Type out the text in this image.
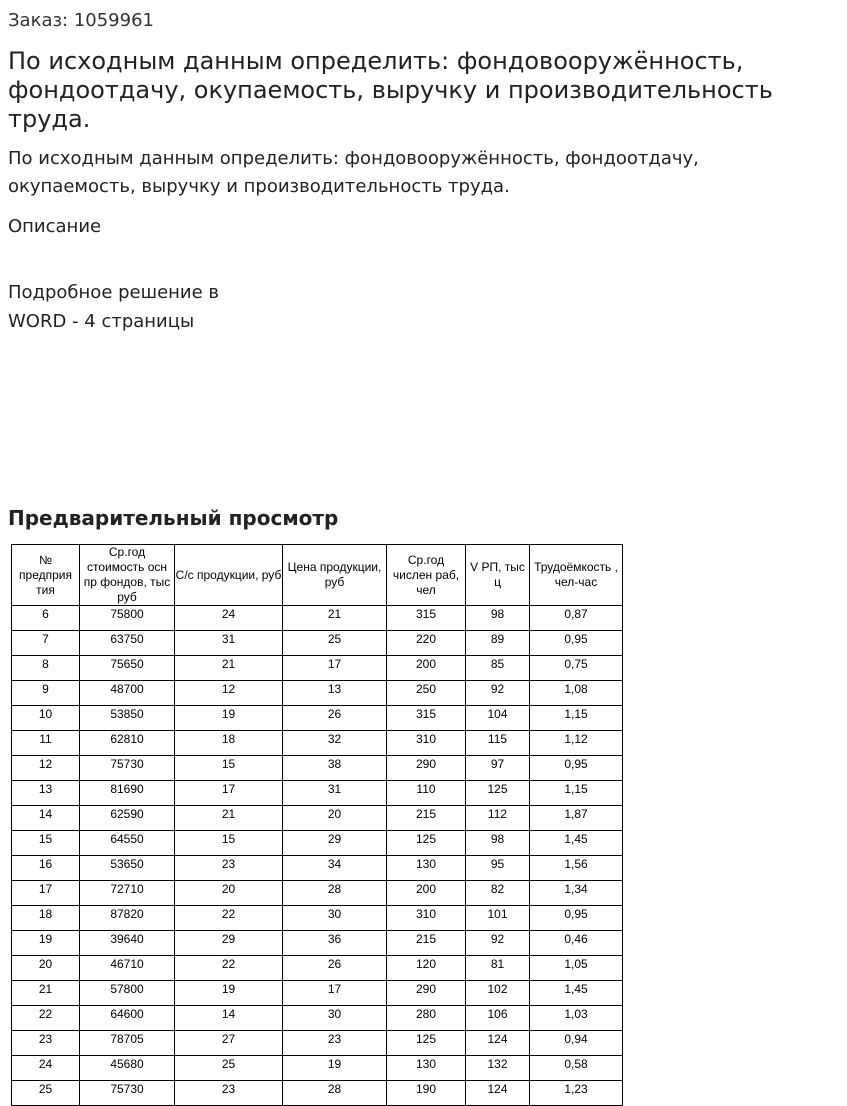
Заказ: 1059961
По исходным данным определить: фондовооружённость, фондоотдачу, окупаемость, выручку и производительность труда.
По исходным данным определить: фондовооружённость, фондоотдачу, окупаемость, выручку и производительность труда.
Описание
Подробное решение в WORD - 4 страницы
Предварительный просмотр
№ предприя тия	Ср.год стоимость осн пр фондов, тыс руб	С/с продукции, руб	Цена продукции, руб	Ср.год числен раб, чел	V РП, тыс ц	Трудоёмкость , чел-час
6	75800	24	21	315	98	0,87
7	63750	31	25	220	89	0,95
8	75650	21	17	200	85	0,75
9	48700	12	13	250	92	1,08
10	53850	19	26	315	104	1,15
11	62810	18	32	310	115	1,12
12	75730	15	38	290	97	0,95
13	81690	17	31	110	125	1,15
14	62590	21	20	215	112	1,87
15	64550	15	29	125	98	1,45
16	53650	23	34	130	95	1,56
17	72710	20	28	200	82	1,34
18	87820	22	30	310	101	0,95
19	39640	29	36	215	92	0,46
20	46710	22	26	120	81	1,05
21	57800	19	17	290	102	1,45
22	64600	14	30	280	106	1,03
23	78705	27	23	125	124	0,94
24	45680	25	19	130	132	0,58
25	75730	23	28	190	124	1,23
